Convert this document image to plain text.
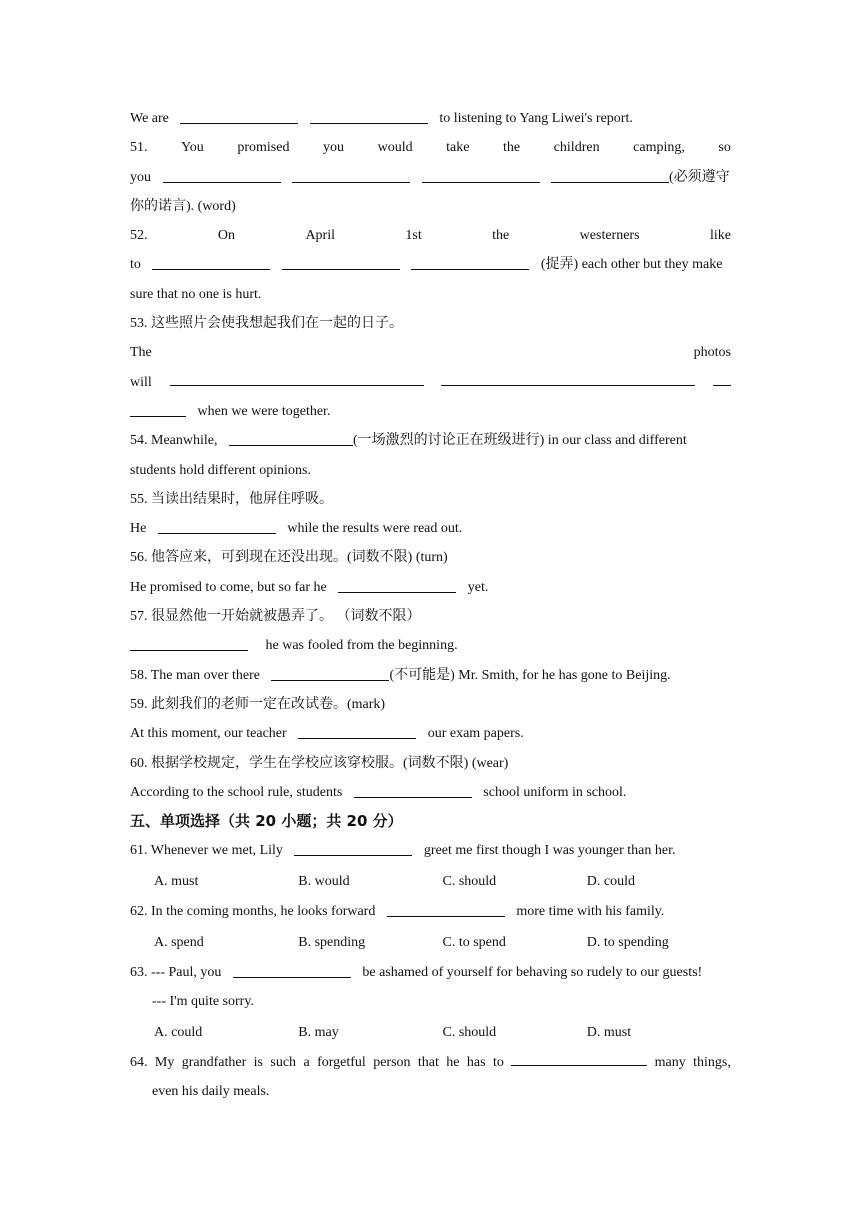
We are	to listening to Yang Liwei's report.
51. You promised you would take the children camping, so
you	(必须遵守
你的诺言). (word)
52.	On	April	1st	the	westerners	like
to	(捉弄) each other but they make
sure that no one is hurt.
53. 这些照片会使我想起我们在一起的日子。
The	photos
will
when we were together.
54. Meanwhile,	(一场激烈的讨论正在班级进行) in our class and different
students hold different opinions.
55. 当读出结果时，他屏住呼吸。
He	while the results were read out.
56. 他答应来，可到现在还没出现。(词数不限) (turn)
He promised to come, but so far he	yet.
57. 很显然他一开始就被愚弄了。 （词数不限）
he was fooled from the beginning.
58. The man over there	(不可能是) Mr. Smith, for he has gone to Beijing.
59. 此刻我们的老师一定在改试卷。(mark)
At this moment, our teacher	our exam papers.
60. 根据学校规定，学生在学校应该穿校服。(词数不限) (wear)
According to the school rule, students	school uniform in school.
五、单项选择（共 20 小题；共 20 分）
61. Whenever we met, Lily	greet me first though I was younger than her.
A. must	B. would	C. should	D. could
62. In the coming months, he looks forward	more time with his family.
A. spend	B. spending	C. to spend	D. to spending
63. --- Paul, you	be ashamed of yourself for behaving so rudely to our guests!
--- I'm quite sorry.
A. could	B. may	C. should	D. must
64. My grandfather is such a forgetful person that he has to	many things,
even his daily meals.
